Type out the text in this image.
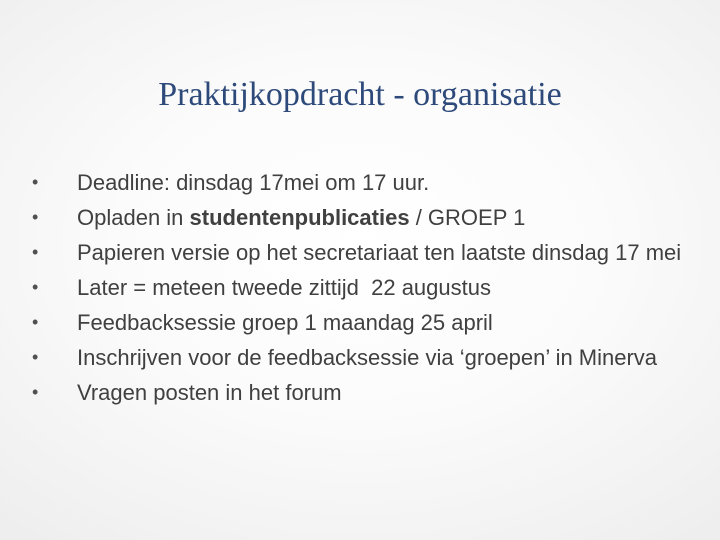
Praktijkopdracht - organisatie
•	Deadline: dinsdag 17mei om 17 uur.
•	Opladen in studentenpublicaties / GROEP 1
•	Papieren versie op het secretariaat ten laatste dinsdag 17 mei
•	Later = meteen tweede zittijd  22 augustus
•	Feedbacksessie groep 1 maandag 25 april
•	Inschrijven voor de feedbacksessie via ‘groepen’ in Minerva
•	Vragen posten in het forum
